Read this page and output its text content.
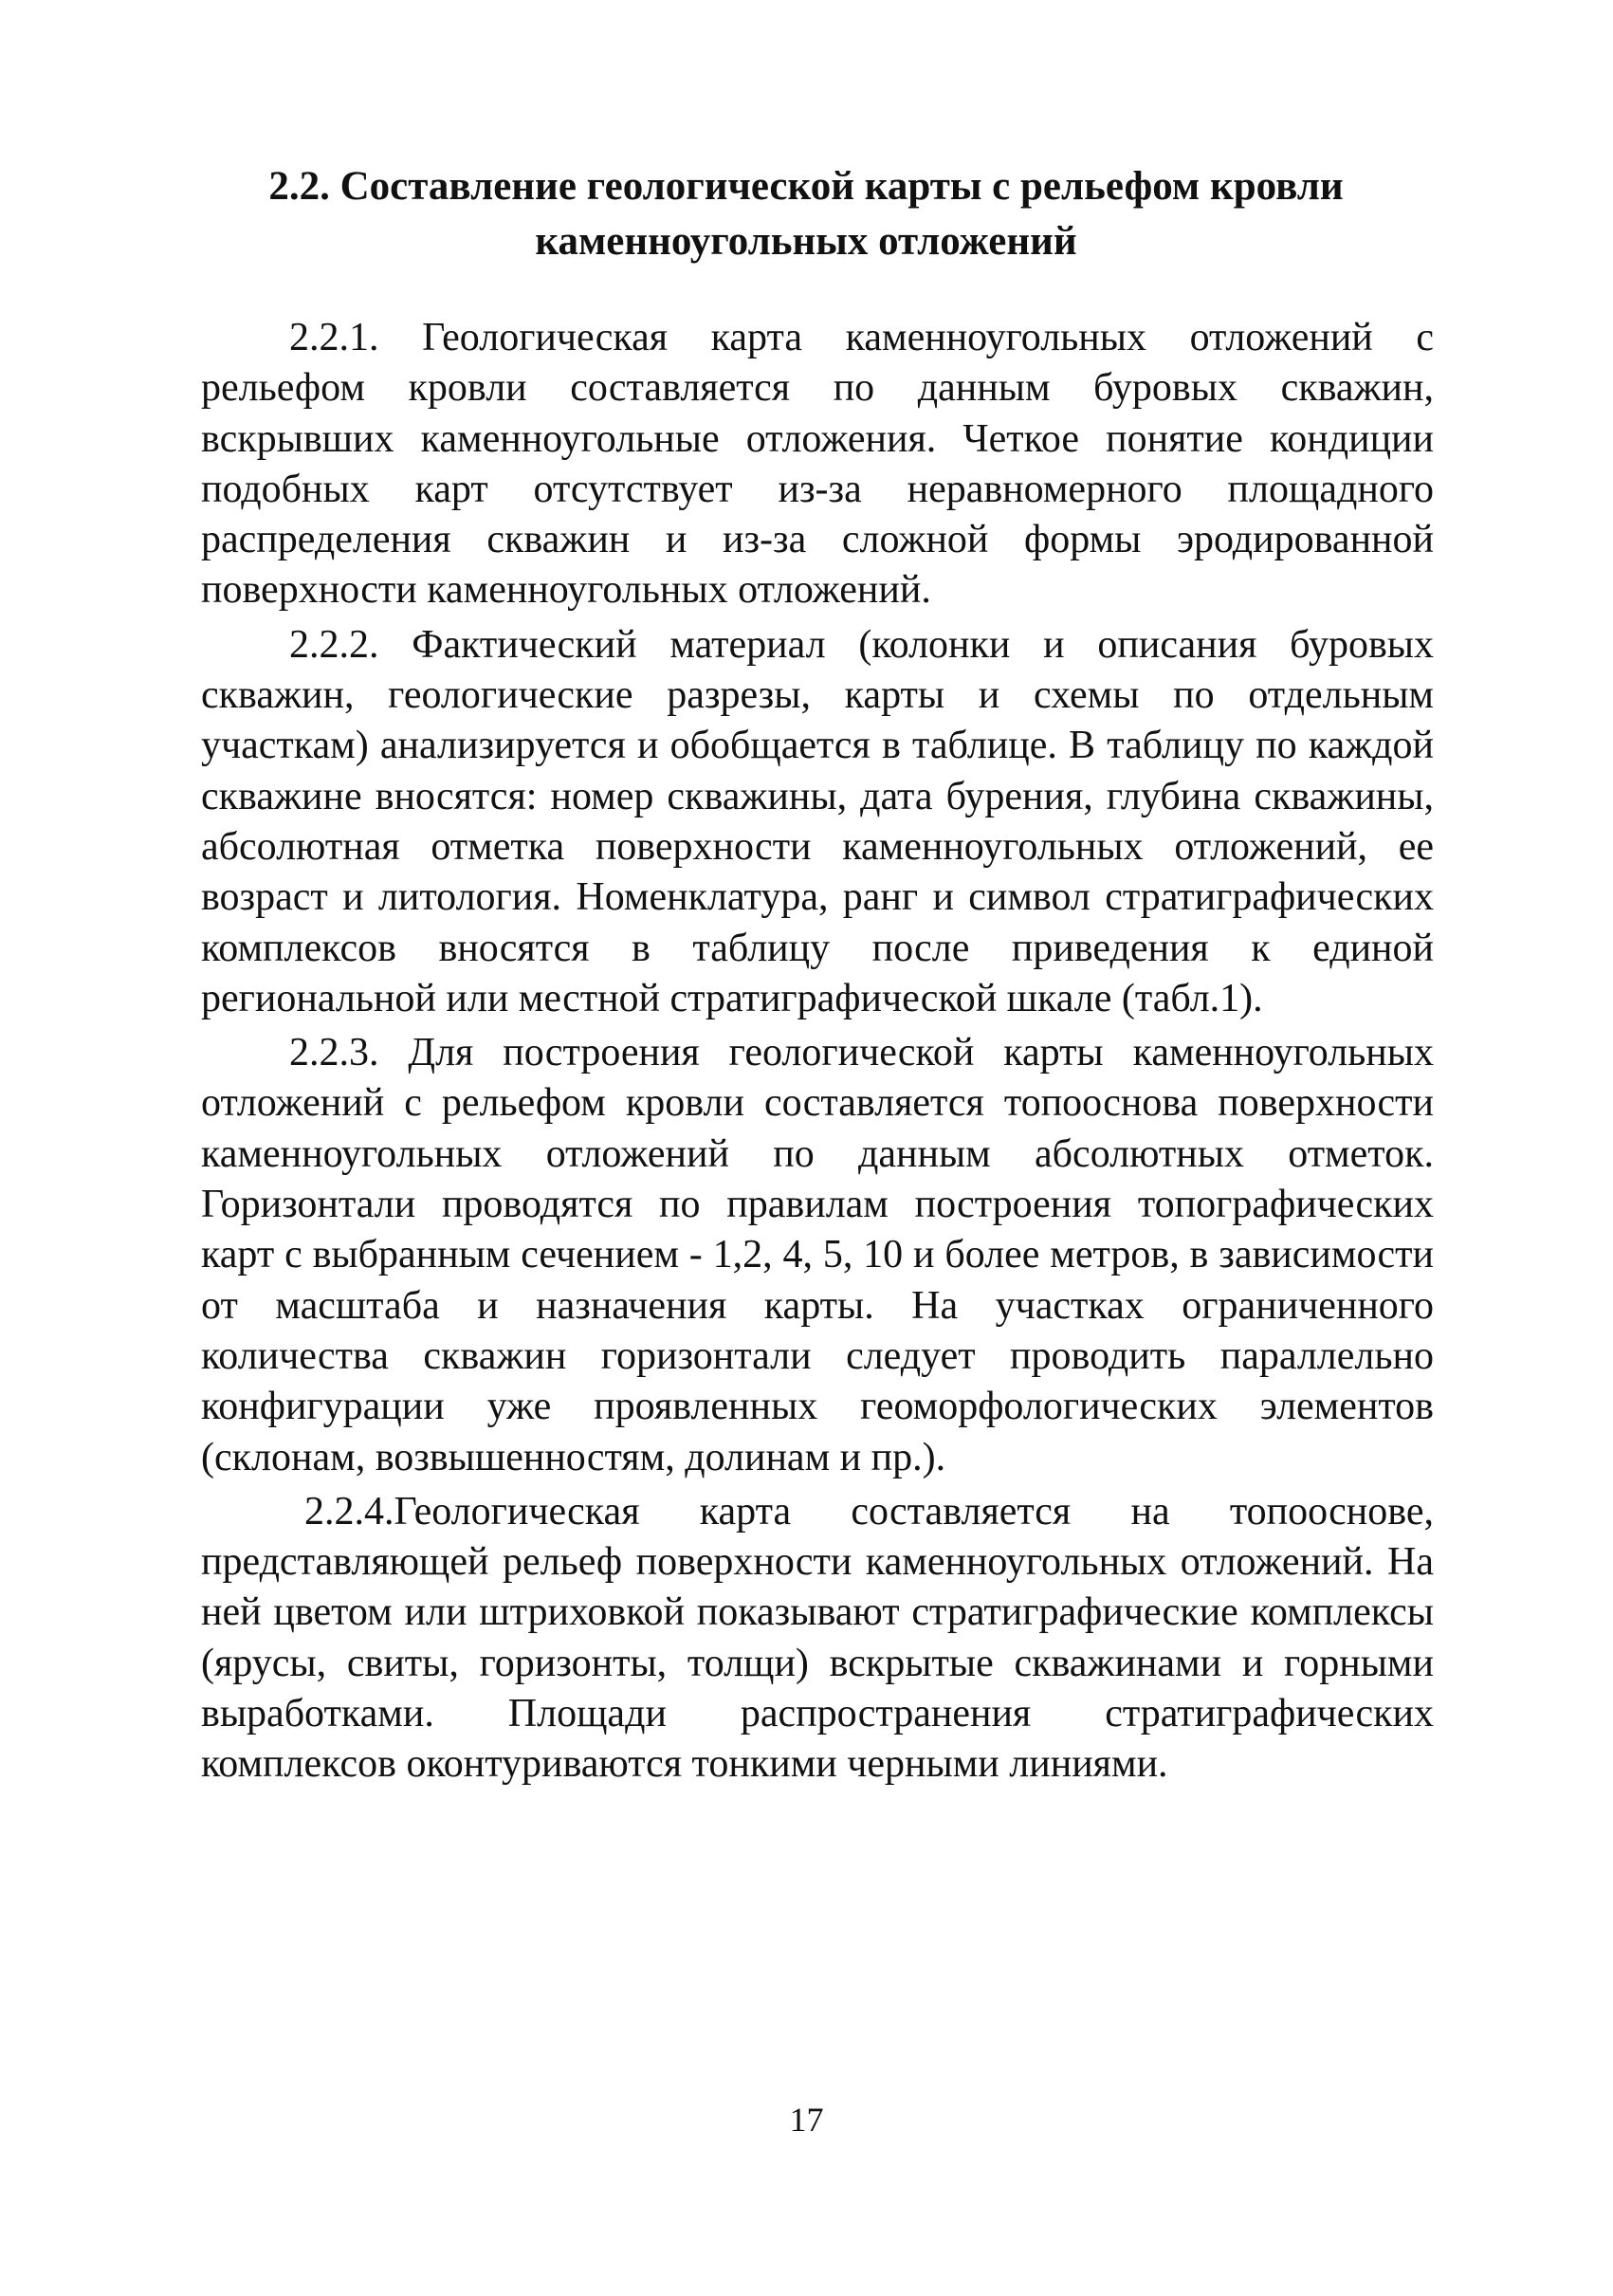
2.2. Составление геологической карты с рельефом кровли
каменноугольных отложений

2.2.1. Геологическая карта каменноугольных отложений с рельефом кровли составляется по данным буровых скважин, вскрывших каменноугольные отложения. Четкое понятие кондиции подобных карт отсутствует из-за неравномерного площадного распределения скважин и из-за сложной формы эродированной поверхности каменноугольных отложений.

2.2.2. Фактический материал (колонки и описания буровых скважин, геологические разрезы, карты и схемы по отдельным участкам) анализируется и обобщается в таблице. В таблицу по каждой скважине вносятся: номер скважины, дата бурения, глубина скважины, абсолютная отметка поверхности каменноугольных отложений, ее возраст и литология. Номенклатура, ранг и символ стратиграфических комплексов вносятся в таблицу после приведения к единой региональной или местной стратиграфической шкале (табл.1).

2.2.3. Для построения геологической карты каменноугольных отложений с рельефом кровли составляется топооснова поверхности каменноугольных отложений по данным абсолютных отметок. Горизонтали проводятся по правилам построения топографических карт с выбранным сечением - 1,2, 4, 5, 10 и более метров, в зависимости от масштаба и назначения карты. На участках ограниченного количества скважин горизонтали следует проводить параллельно конфигурации уже проявленных геоморфологических элементов (склонам, возвышенностям, долинам и пр.).

2.2.4.Геологическая карта составляется на топооснове, представляющей рельеф поверхности каменноугольных отложений. На ней цветом или штриховкой показывают стратиграфические комплексы (ярусы, свиты, горизонты, толщи) вскрытые скважинами и горными выработками. Площади распространения стратиграфических комплексов оконтуриваются тонкими черными линиями.

17
